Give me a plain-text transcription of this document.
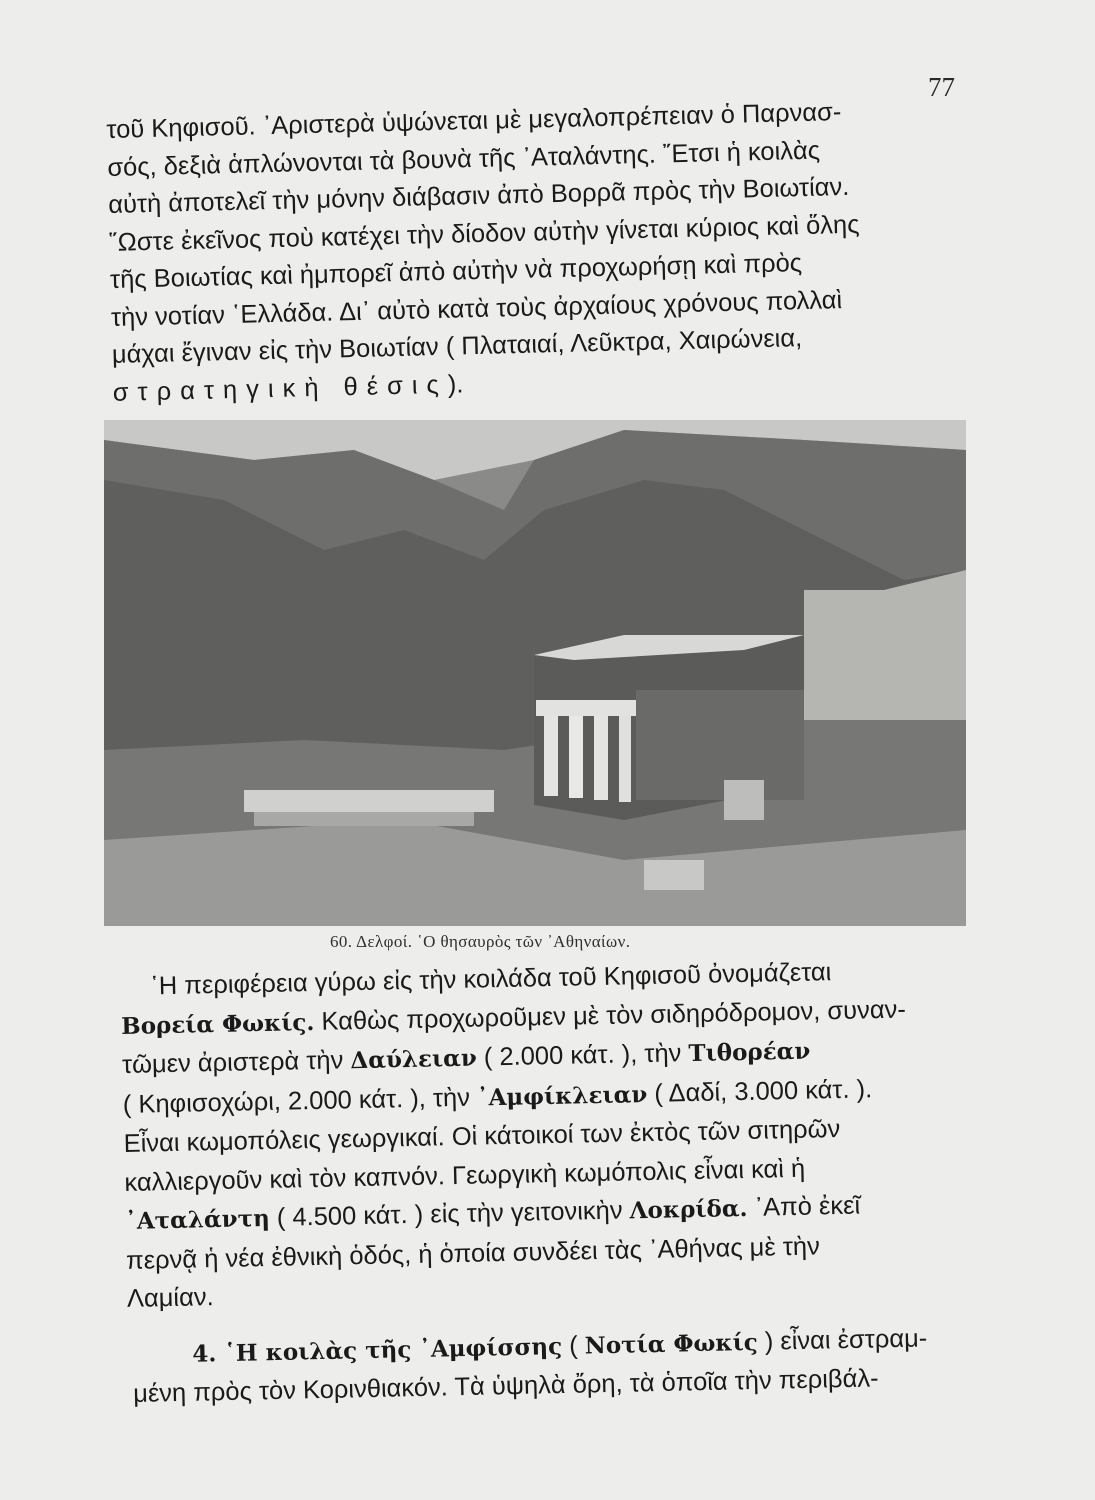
77
τοῦ Κηφισοῦ. ᾿Αριστερὰ ὑψώνεται μὲ μεγαλοπρέπειαν ὁ Παρνασ-
σός, δεξιὰ ἁπλώνονται τὰ βουνὰ τῆς ᾿Αταλάντης. ῎Ετσι ἡ κοιλὰς
αὐτὴ ἀποτελεῖ τὴν μόνην διάβασιν ἀπὸ Βορρᾶ πρὸς τὴν Βοιωτίαν.
῞Ωστε ἐκεῖνος ποὺ κατέχει τὴν δίοδον αὐτὴν γίνεται κύριος καὶ ὅλης
τῆς Βοιωτίας καὶ ἠμπορεῖ ἀπὸ αὐτὴν νὰ προχωρήσῃ καὶ πρὸς
τὴν νοτίαν ῾Ελλάδα. Δι᾿ αὐτὸ κατὰ τοὺς ἀρχαίους χρόνους πολλαὶ
μάχαι ἔγιναν εἰς τὴν Βοιωτίαν ( Πλαταιαί, Λεῦκτρα, Χαιρώνεια,
στρατηγικὴ θέσις).
60. Δελφοί. ῾Ο θησαυρὸς τῶν ᾿Αθηναίων.
῾Η περιφέρεια γύρω εἰς τὴν κοιλάδα τοῦ Κηφισοῦ ὀνομάζεται
Βορεία Φωκίς. Καθὼς προχωροῦμεν μὲ τὸν σιδηρόδρομον, συναν-
τῶμεν ἀριστερὰ τὴν Δαύλειαν ( 2.000 κάτ. ), τὴν Τιθορέαν
( Κηφισοχώρι, 2.000 κάτ. ), τὴν ᾿Αμφίκλειαν ( Δαδί, 3.000 κάτ. ).
Εἶναι κωμοπόλεις γεωργικαί. Οἱ κάτοικοί των ἐκτὸς τῶν σιτηρῶν
καλλιεργοῦν καὶ τὸν καπνόν. Γεωργικὴ κωμόπολις εἶναι καὶ ἡ
᾿Αταλάντη ( 4.500 κάτ. ) εἰς τὴν γειτονικὴν Λοκρίδα. ᾿Απὸ ἐκεῖ
περνᾷ ἡ νέα ἐθνικὴ ὁδός, ἡ ὁποία συνδέει τὰς ᾿Αθήνας μὲ τὴν
Λαμίαν.
4. ῾Η κοιλὰς τῆς ᾿Αμφίσσης ( Νοτία Φωκίς ) εἶναι ἐστραμ-
μένη πρὸς τὸν Κορινθιακόν. Τὰ ὑψηλὰ ὄρη, τὰ ὁποῖα τὴν περιβάλ-
